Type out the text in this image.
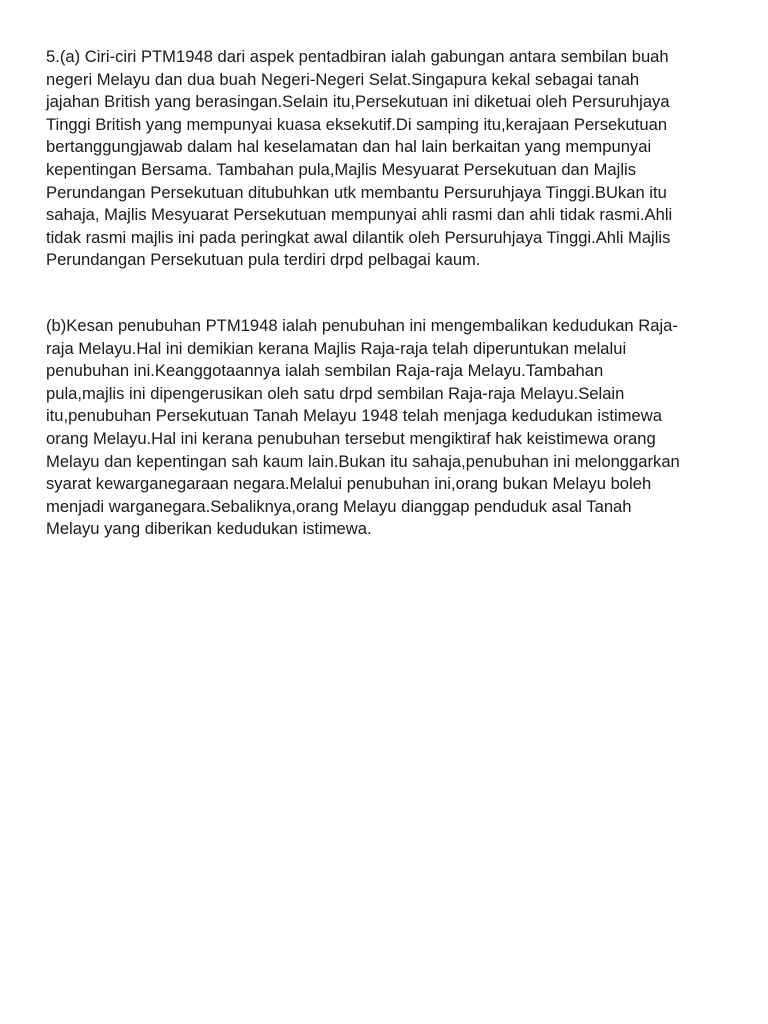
5.(a) Ciri-ciri PTM1948 dari aspek pentadbiran ialah gabungan antara sembilan buah
negeri Melayu dan dua buah Negeri-Negeri Selat.Singapura kekal sebagai tanah
jajahan British yang berasingan.Selain itu,Persekutuan ini diketuai oleh Persuruhjaya
Tinggi British yang mempunyai kuasa eksekutif.Di samping itu,kerajaan Persekutuan
bertanggungjawab dalam hal keselamatan dan hal lain berkaitan yang mempunyai
kepentingan Bersama. Tambahan pula,Majlis Mesyuarat Persekutuan dan Majlis
Perundangan Persekutuan ditubuhkan utk membantu Persuruhjaya Tinggi.BUkan itu
sahaja, Majlis Mesyuarat Persekutuan mempunyai ahli rasmi dan ahli tidak rasmi.Ahli
tidak rasmi majlis ini pada peringkat awal dilantik oleh Persuruhjaya Tinggi.Ahli Majlis
Perundangan Persekutuan pula terdiri drpd pelbagai kaum.

(b)Kesan penubuhan PTM1948 ialah penubuhan ini mengembalikan kedudukan Raja-
raja Melayu.Hal ini demikian kerana Majlis Raja-raja telah diperuntukan melalui
penubuhan ini.Keanggotaannya ialah sembilan Raja-raja Melayu.Tambahan
pula,majlis ini dipengerusikan oleh satu drpd sembilan Raja-raja Melayu.Selain
itu,penubuhan Persekutuan Tanah Melayu 1948 telah menjaga kedudukan istimewa
orang Melayu.Hal ini kerana penubuhan tersebut mengiktiraf hak keistimewa orang
Melayu dan kepentingan sah kaum lain.Bukan itu sahaja,penubuhan ini melonggarkan
syarat kewarganegaraan negara.Melalui penubuhan ini,orang bukan Melayu boleh
menjadi warganegara.Sebaliknya,orang Melayu dianggap penduduk asal Tanah
Melayu yang diberikan kedudukan istimewa.
